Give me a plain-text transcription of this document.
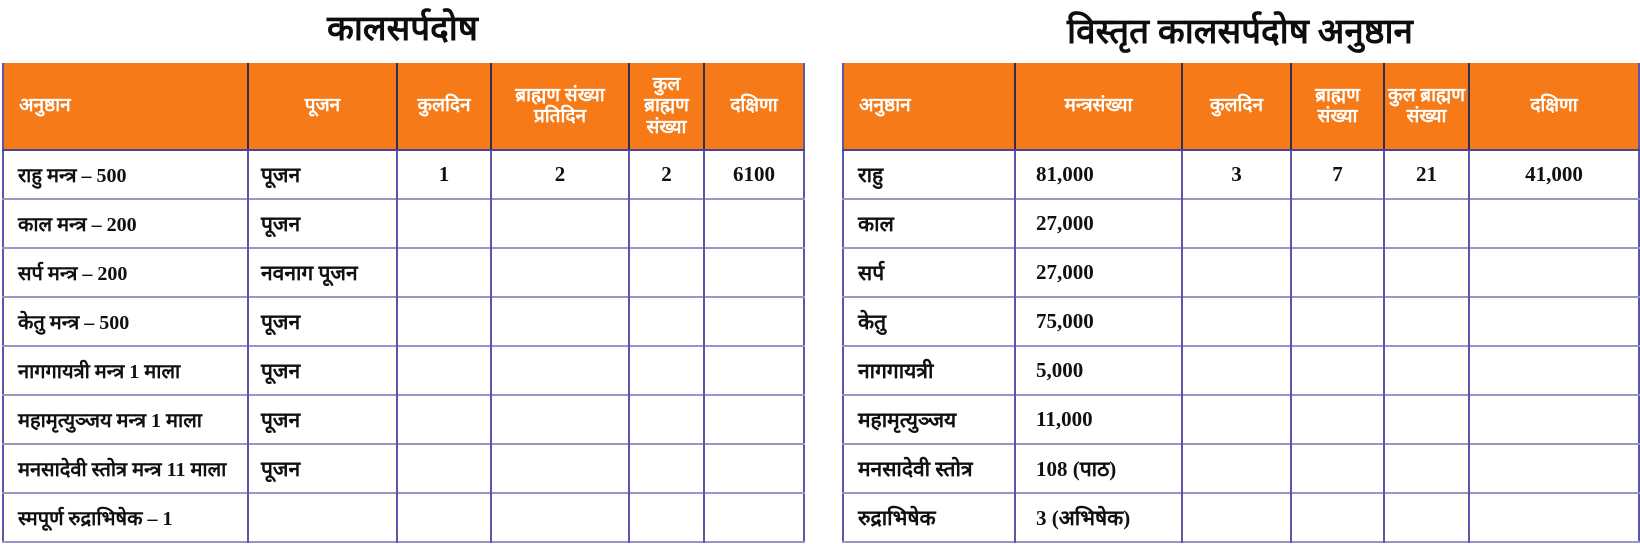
कालसर्पदोष	विस्तृत कालसर्पदोष अनुष्ठान
अनुष्ठान	पूजन	कुलदिन	ब्राह्मण संख्या प्रतिदिन	कुल ब्राह्मण संख्या	दक्षिणा
राहु मन्त्र – 500	पूजन	1	2	2	6100
काल मन्त्र – 200	पूजन				
सर्प मन्त्र – 200	नवनाग पूजन				
केतु मन्त्र – 500	पूजन				
नागगायत्री मन्त्र 1 माला	पूजन				
महामृत्युञ्जय मन्त्र 1 माला	पूजन				
मनसादेवी स्तोत्र मन्त्र 11 माला	पूजन				
स्मपूर्ण रुद्राभिषेक – 1					
अनुष्ठान	मन्त्रसंख्या	कुलदिन	ब्राह्मण संख्या	कुल ब्राह्मण संख्या	दक्षिणा
राहु	81,000	3	7	21	41,000
काल	27,000				
सर्प	27,000				
केतु	75,000				
नागगायत्री	5,000				
महामृत्युञ्जय	11,000				
मनसादेवी स्तोत्र	108 (पाठ)				
रुद्राभिषेक	3 (अभिषेक)				
